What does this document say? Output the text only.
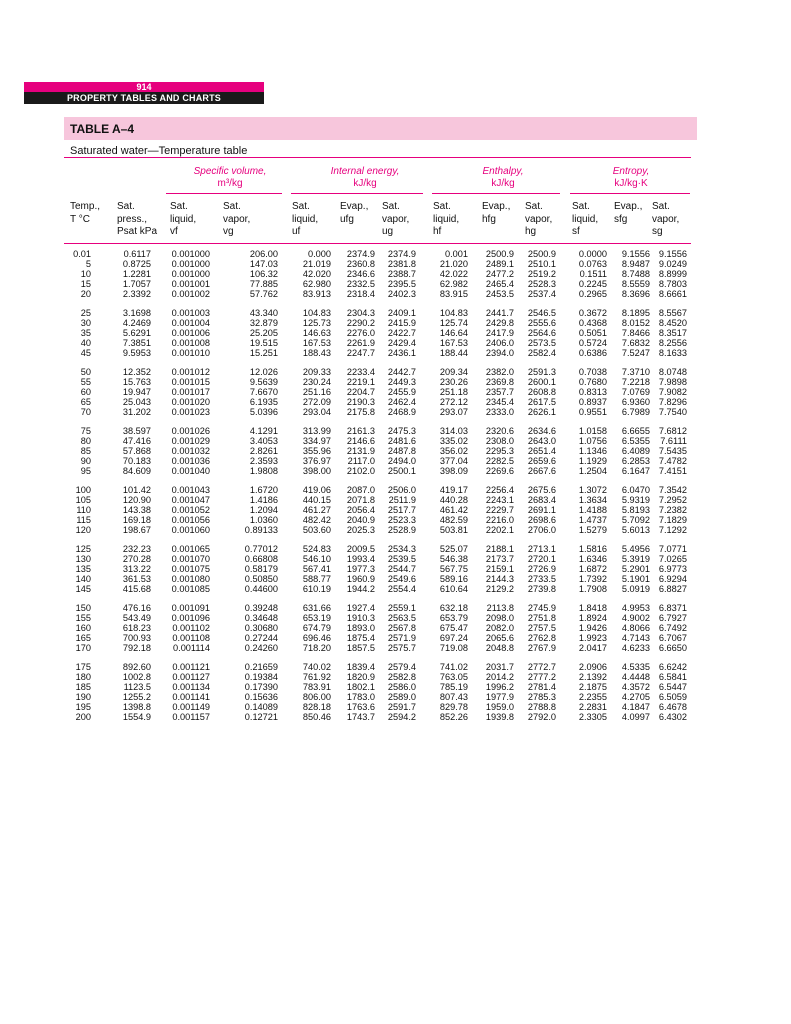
914
PROPERTY TABLES AND CHARTS
TABLE A–4
Saturated water—Temperature table
Specific volume,
m³/kg
Internal energy,
kJ/kg
Enthalpy,
kJ/kg
Entropy,
kJ/kg·K
Temp.,
T °C
Sat.
press.,
Psat kPa
Sat.
liquid,
vf
Sat.
vapor,
vg
Sat.
liquid,
uf
Evap.,
ufg
Sat.
vapor,
ug
Sat.
liquid,
hf
Evap.,
hfg
Sat.
vapor,
hg
Sat.
liquid,
sf
Evap.,
sfg
Sat.
vapor,
sg
0.01	0.6117 0.001000	206.00	0.000 2374.9 2374.9	0.001 2500.9 2500.9 0.0000 9.1556 9.1556
5	0.8725 0.001000	147.03	21.019 2360.8 2381.8	21.020 2489.1 2510.1 0.0763 8.9487 9.0249
10	1.2281 0.001000	106.32	42.020 2346.6 2388.7	42.022 2477.2 2519.2	0.1511 8.7488 8.8999
15	1.7057 0.001001	77.885	62.980 2332.5 2395.5	62.982 2465.4 2528.3 0.2245 8.5559 8.7803
20	2.3392 0.001002	57.762	83.913 2318.4 2402.3	83.915 2453.5 2537.4 0.2965 8.3696 8.6661
25	3.1698 0.001003	43.340	104.83 2304.3 2409.1	104.83 2441.7 2546.5 0.3672 8.1895 8.5567
30	4.2469 0.001004	32.879	125.73 2290.2 2415.9	125.74 2429.8 2555.6 0.4368 8.0152 8.4520
35	5.6291 0.001006	25.205	146.63 2276.0 2422.7	146.64 2417.9 2564.6 0.5051 7.8466 8.3517
40	7.3851 0.001008	19.515	167.53 2261.9 2429.4	167.53 2406.0 2573.5 0.5724 7.6832 8.2556
45	9.5953 0.001010	15.251	188.43 2247.7 2436.1	188.44 2394.0 2582.4 0.6386 7.5247 8.1633
50	12.352 0.001012	12.026	209.33 2233.4 2442.7	209.34 2382.0 2591.3 0.7038 7.3710 8.0748
55	15.763 0.001015	9.5639	230.24 2219.1 2449.3	230.26 2369.8 2600.1 0.7680 7.2218 7.9898
60	19.947 0.001017	7.6670	251.16 2204.7 2455.9	251.18 2357.7 2608.8 0.8313 7.0769 7.9082
65	25.043 0.001020	6.1935	272.09 2190.3 2462.4	272.12 2345.4 2617.5 0.8937 6.9360 7.8296
70	31.202 0.001023	5.0396	293.04 2175.8 2468.9	293.07 2333.0 2626.1 0.9551 6.7989 7.7540
75	38.597 0.001026	4.1291	313.99 2161.3 2475.3	314.03 2320.6 2634.6 1.0158 6.6655 7.6812
80	47.416 0.001029	3.4053	334.97 2146.6 2481.6	335.02 2308.0 2643.0 1.0756 6.5355 7.6111
85	57.868 0.001032	2.8261	355.96 2131.9 2487.8	356.02 2295.3 2651.4 1.1346 6.4089 7.5435
90	70.183 0.001036	2.3593	376.97 2117.0 2494.0	377.04 2282.5 2659.6 1.1929 6.2853 7.4782
95	84.609 0.001040	1.9808	398.00 2102.0 2500.1	398.09 2269.6 2667.6 1.2504 6.1647 7.4151
100	101.42 0.001043	1.6720	419.06 2087.0 2506.0	419.17 2256.4 2675.6 1.3072 6.0470 7.3542
105	120.90 0.001047	1.4186	440.15 2071.8 2511.9	440.28 2243.1 2683.4 1.3634 5.9319 7.2952
110	143.38 0.001052	1.2094	461.27 2056.4 2517.7	461.42 2229.7 2691.1 1.4188 5.8193 7.2382
115	169.18 0.001056	1.0360	482.42 2040.9 2523.3	482.59 2216.0 2698.6 1.4737 5.7092 7.1829
120	198.67 0.001060	0.89133	503.60 2025.3 2528.9	503.81 2202.1 2706.0 1.5279 5.6013 7.1292
125	232.23 0.001065	0.77012	524.83 2009.5 2534.3	525.07 2188.1 2713.1 1.5816 5.4956 7.0771
130	270.28 0.001070	0.66808	546.10 1993.4 2539.5	546.38 2173.7 2720.1 1.6346 5.3919 7.0265
135	313.22 0.001075	0.58179	567.41 1977.3 2544.7	567.75 2159.1 2726.9 1.6872 5.2901 6.9773
140	361.53 0.001080	0.50850	588.77 1960.9 2549.6	589.16 2144.3 2733.5 1.7392 5.1901 6.9294
145	415.68 0.001085	0.44600	610.19 1944.2 2554.4	610.64 2129.2 2739.8 1.7908 5.0919 6.8827
150	476.16 0.001091	0.39248	631.66 1927.4 2559.1	632.18 2113.8 2745.9 1.8418 4.9953 6.8371
155	543.49 0.001096	0.34648	653.19 1910.3 2563.5	653.79 2098.0 2751.8 1.8924 4.9002 6.7927
160	618.23 0.001102	0.30680	674.79 1893.0 2567.8	675.47 2082.0 2757.5 1.9426 4.8066 6.7492
165	700.93 0.001108	0.27244	696.46 1875.4 2571.9	697.24 2065.6 2762.8 1.9923 4.7143 6.7067
170	792.18 0.001114	0.24260	718.20 1857.5 2575.7	719.08 2048.8 2767.9 2.0417 4.6233 6.6650
175	892.60 0.001121	0.21659	740.02 1839.4 2579.4	741.02 2031.7 2772.7 2.0906 4.5335 6.6242
180	1002.8 0.001127	0.19384	761.92 1820.9 2582.8	763.05 2014.2 2777.2 2.1392 4.4448 6.5841
185	1123.5 0.001134	0.17390	783.91 1802.1 2586.0	785.19 1996.2 2781.4 2.1875 4.3572 6.5447
190	1255.2 0.001141	0.15636	806.00 1783.0 2589.0	807.43 1977.9 2785.3 2.2355 4.2705 6.5059
195	1398.8 0.001149	0.14089	828.18 1763.6 2591.7	829.78 1959.0 2788.8 2.2831 4.1847 6.4678
200	1554.9 0.001157	0.12721	850.46 1743.7 2594.2	852.26 1939.8 2792.0 2.3305 4.0997 6.4302
